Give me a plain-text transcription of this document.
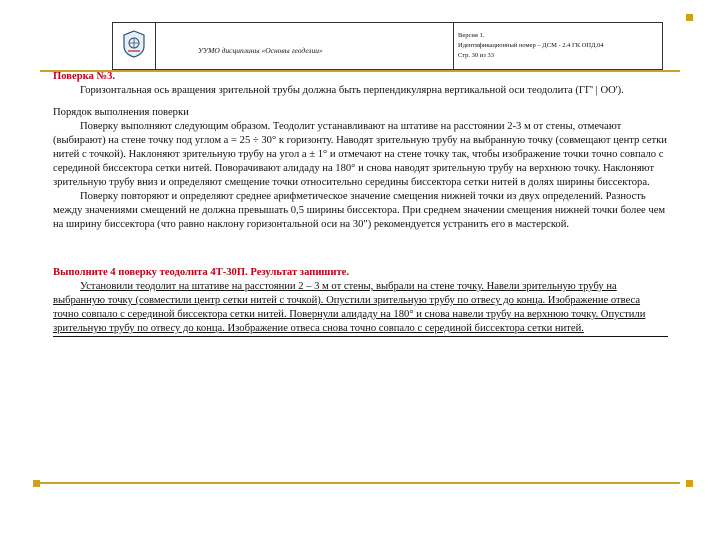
	УУМО дисциплины «Основы геодезии»	
Версия 1.
Идентификационный номер – ДСМ - 2.4 ГК ОПД.04
Стр. 30 из 33

Поверка №3.

Горизонтальная ось вращения зрительной трубы должна быть перпендикулярна вертикальной оси теодолита (ГГ' | ОО').

Порядок выполнения поверки

Поверку выполняют следующим образом. Теодолит устанавливают на штативе на расстоянии 2-3 м от стены, отмечают (выбирают) на стене точку под углом а = 25 ÷ 30° к горизонту. Наводят зрительную трубу на выбранную точку (совмещают центр сетки нитей с точкой). Наклоняют зрительную трубу на угол а ± 1° и отмечают на стене точку так, чтобы изображение точки точно совпало с серединой биссектора сетки нитей. Поворачивают алидаду на 180° и снова наводят зрительную трубу на верхнюю точку. Наклоняют зрительную трубу вниз и определяют смещение точки относительно середины биссектора сетки нитей в долях ширины биссектора.

Поверку повторяют и определяют среднее арифметическое значение смещения нижней точки из двух определений. Разность между значениями смещений не должна превышать 0,5 ширины биссектора. При среднем значении смещения нижней точки более чем на ширину биссектора (что равно наклону горизонтальной оси на 30") рекомендуется устранить его в мастерской.

Выполните 4 поверку теодолита 4Т-30П. Результат запишите.

Установили теодолит на штативе на расстоянии 2 – 3 м от стены, выбрали на стене точку. Навели зрительную трубу на выбранную точку (совместили центр сетки нитей с точкой). Опустили зрительную трубу по отвесу до конца. Изображение отвеса точно совпало с серединой биссектора сетки нитей. Повернули алидаду на 180° и снова навели трубу на верхнюю точку. Опустили зрительную трубу по отвесу до конца. Изображение отвеса снова точно совпало с серединой биссектора сетки нитей.
